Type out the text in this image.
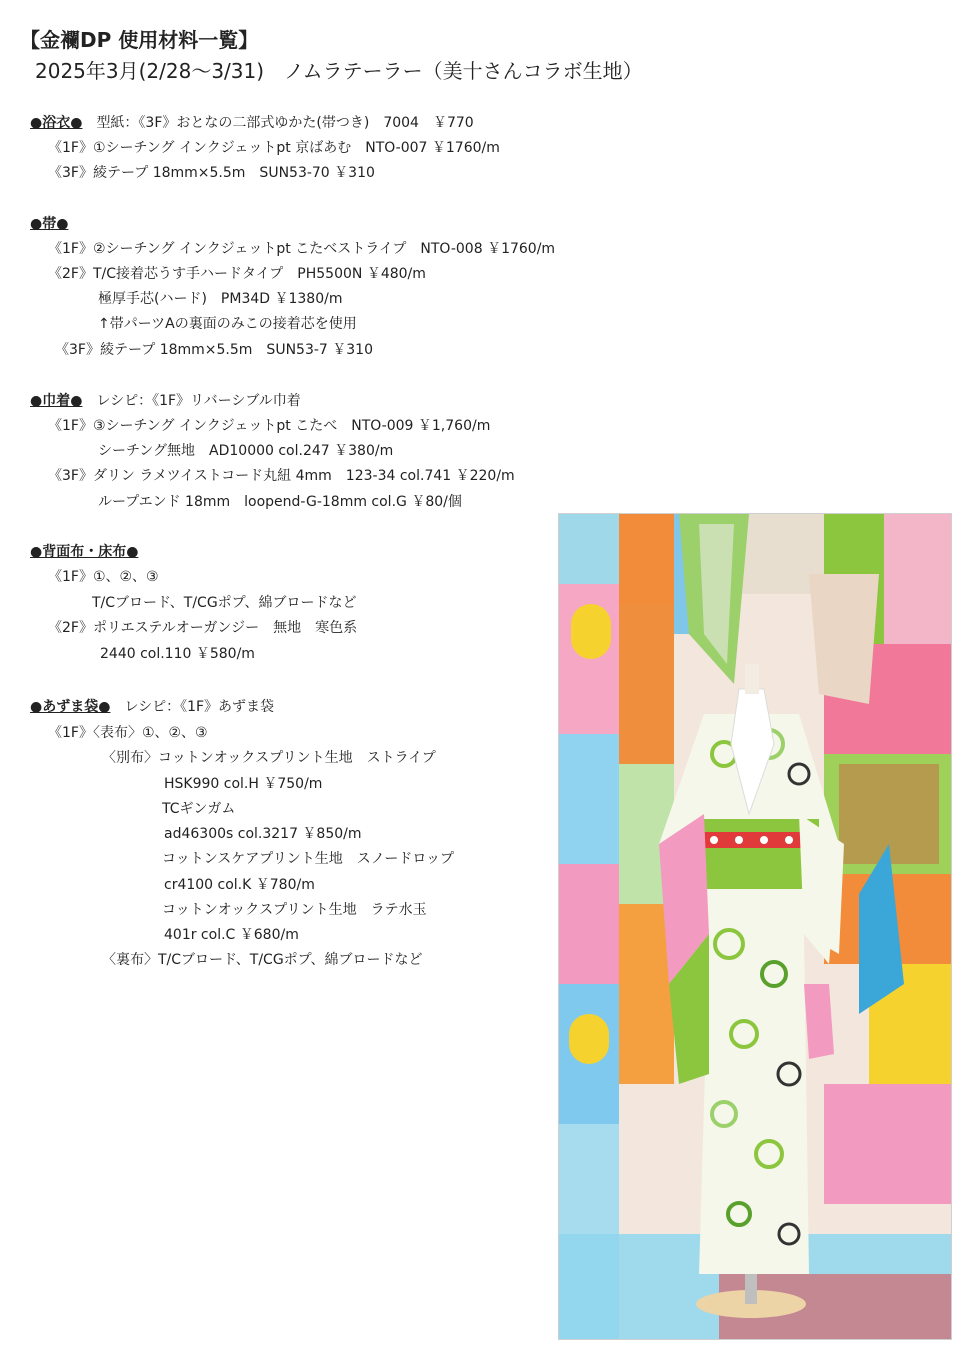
【金襴DP 使用材料一覧】
2025年3月(2/28～3/31)　ノムラテーラー（美十さんコラボ生地）
●浴衣● 型紙：《3F》おとなの二部式ゆかた(帯つき)　7004　￥770
《1F》①シーチング インクジェットpt 京ばあむ　NTO-007 ￥1760/m
《3F》綾テープ 18mm×5.5m　SUN53-70 ￥310
●帯●
《1F》②シーチング インクジェットpt こたベストライプ　NTO-008 ￥1760/m
《2F》T/C接着芯うす手ハードタイプ　PH5500N ￥480/m
極厚手芯(ハード)　PM34D ￥1380/m
↑帯パーツAの裏面のみこの接着芯を使用
《3F》綾テープ 18mm×5.5m　SUN53-7 ￥310
●巾着● レシピ：《1F》リバーシブル巾着
《1F》③シーチング インクジェットpt こたべ　NTO-009 ￥1,760/m
シーチング無地　AD10000 col.247 ￥380/m
《3F》ダリン ラメツイストコード丸紐 4mm　123-34 col.741 ￥220/m
ループエンド 18mm　loopend-G-18mm col.G ￥80/個
●背面布・床布●
《1F》①、②、③
T/Cブロード、T/CGポプ、綿ブロードなど
《2F》ポリエステルオーガンジー　無地　寒色系
2440 col.110 ￥580/m
●あずま袋● レシピ：《1F》あずま袋
《1F》〈表布〉①、②、③
〈別布〉コットンオックスプリント生地　ストライプ
HSK990 col.H ￥750/m
TCギンガム
ad46300s col.3217 ￥850/m
コットンスケアプリント生地　スノードロップ
cr4100 col.K ￥780/m
コットンオックスプリント生地　ラテ水玉
401r col.C ￥680/m
〈裏布〉T/Cブロード、T/CGポプ、綿ブロードなど
